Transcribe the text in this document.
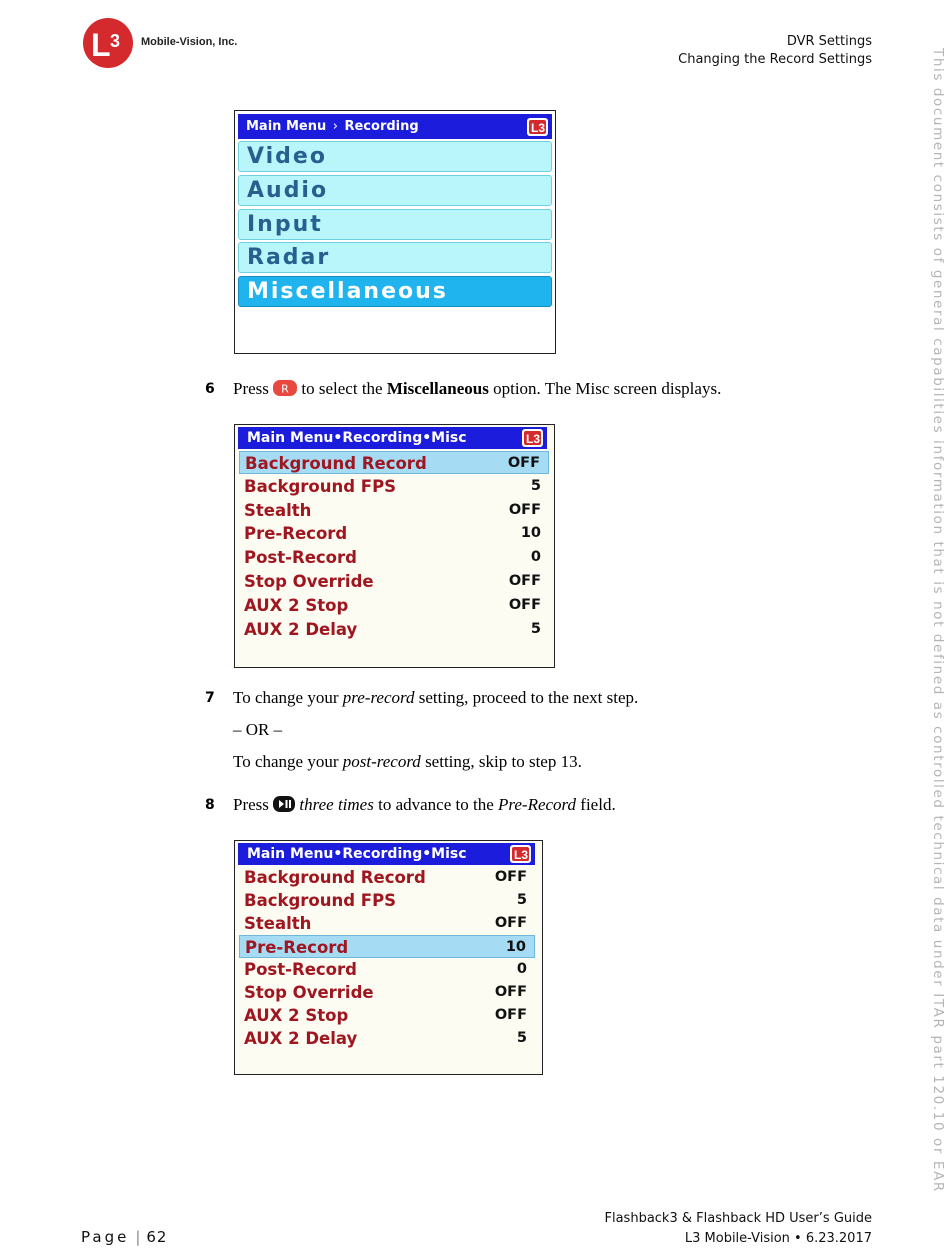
L 3 Mobile-Vision, Inc.	DVR Settings
Changing the Record Settings	This document consists of general capabilities information that is not defined as controlled technical data under ITAR part 120.10 or EAR
Main Menu › Recording	L3
Video
Audio
Input
Radar
Miscellaneous
6 Press R to select the Miscellaneous option. The Misc screen displays.
Main Menu•Recording•Misc	L3
Background Record	OFF
Background FPS	5
Stealth	OFF
Pre-Record	10
Post-Record	0
Stop Override	OFF
AUX 2 Stop	OFF
AUX 2 Delay	5
7 To change your pre-record setting, proceed to the next step.
– OR –
To change your post-record setting, skip to step 13.
8 Press three times to advance to the Pre-Record field.
Main Menu•Recording•Misc	L3
Background Record	OFF
Background FPS	5
Stealth	OFF
Pre-Record	10
Post-Record	0
Stop Override	OFF
AUX 2 Stop	OFF
AUX 2 Delay	5
Page | 62
Flashback3 & Flashback HD User’s Guide
L3 Mobile-Vision • 6.23.2017
